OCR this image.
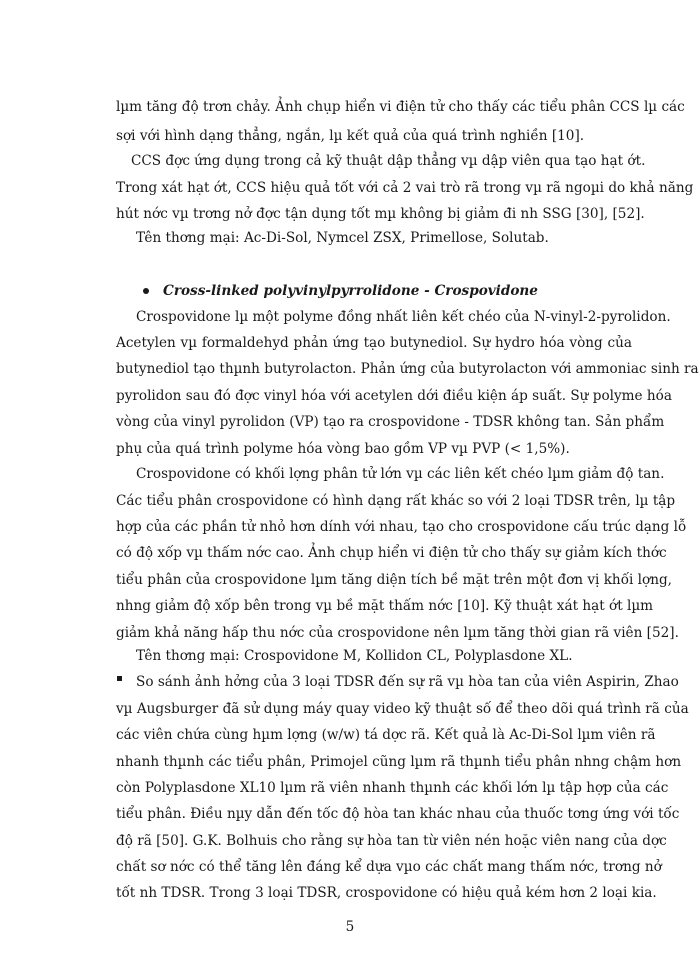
lµm tăng độ trơn chảy. Ảnh chụp hiển vi điện tử cho thấy các tiểu phân CCS lµ các
sợi với hình dạng thẳng, ngắn, lµ kết quả của quá trình nghiền [10].
CCS đợc ứng dụng trong cả kỹ thuật dập thẳng vµ dập viên qua tạo hạt ớt.
Trong xát hạt ớt, CCS hiệu quả tốt với cả 2 vai trò rã trong vµ rã ngoµi do khả năng
hút nớc vµ trơng nở đợc tận dụng tốt mµ không bị giảm đi nh SSG [30], [52].
Tên thơng mại: Ac-Di-Sol, Nymcel ZSX, Primellose, Solutab.
Cross-linked polyvinylpyrrolidone - Crospovidone
Crospovidone lµ một polyme đồng nhất liên kết chéo của N-vinyl-2-pyrolidon.
Acetylen vµ formaldehyd phản ứng tạo butynediol. Sự hydro hóa vòng của
butynediol tạo thµnh butyrolacton. Phản ứng của butyrolacton với ammoniac sinh ra
pyrolidon sau đó đợc vinyl hóa với acetylen dới điều kiện áp suất. Sự polyme hóa
vòng của vinyl pyrolidon (VP) tạo ra crospovidone - TDSR không tan. Sản phẩm
phụ của quá trình polyme hóa vòng bao gồm VP vµ PVP (< 1,5%).
Crospovidone có khối lợng phân tử lớn vµ các liên kết chéo lµm giảm độ tan.
Các tiểu phân crospovidone có hình dạng rất khác so với 2 loại TDSR trên, lµ tập
hợp của các phần tử nhỏ hơn dính với nhau, tạo cho crospovidone cấu trúc dạng lỗ
có độ xốp vµ thấm nớc cao. Ảnh chụp hiển vi điện tử cho thấy sự giảm kích thớc
tiểu phân của crospovidone lµm tăng diện tích bề mặt trên một đơn vị khối lợng,
nhng giảm độ xốp bên trong vµ bề mặt thấm nớc [10]. Kỹ thuật xát hạt ớt lµm
giảm khả năng hấp thu nớc của crospovidone nên lµm tăng thời gian rã viên [52].
Tên thơng mại: Crospovidone M, Kollidon CL, Polyplasdone XL.
So sánh ảnh hởng của 3 loại TDSR đến sự rã vµ hòa tan của viên Aspirin, Zhao
vµ Augsburger đã sử dụng máy quay video kỹ thuật số để theo dõi quá trình rã của
các viên chứa cùng hµm lợng (w/w) tá dợc rã. Kết quả là Ac-Di-Sol lµm viên rã
nhanh thµnh các tiểu phân, Primojel cũng lµm rã thµnh tiểu phân nhng chậm hơn
còn Polyplasdone XL10 lµm rã viên nhanh thµnh các khối lớn lµ tập hợp của các
tiểu phân. Điều nµy dẫn đến tốc độ hòa tan khác nhau của thuốc tơng ứng với tốc
độ rã [50]. G.K. Bolhuis cho rằng sự hòa tan từ viên nén hoặc viên nang của dợc
chất sơ nớc có thể tăng lên đáng kể dựa vµo các chất mang thấm nớc, trơng nở
tốt nh TDSR. Trong 3 loại TDSR, crospovidone có hiệu quả kém hơn 2 loại kia.
5
